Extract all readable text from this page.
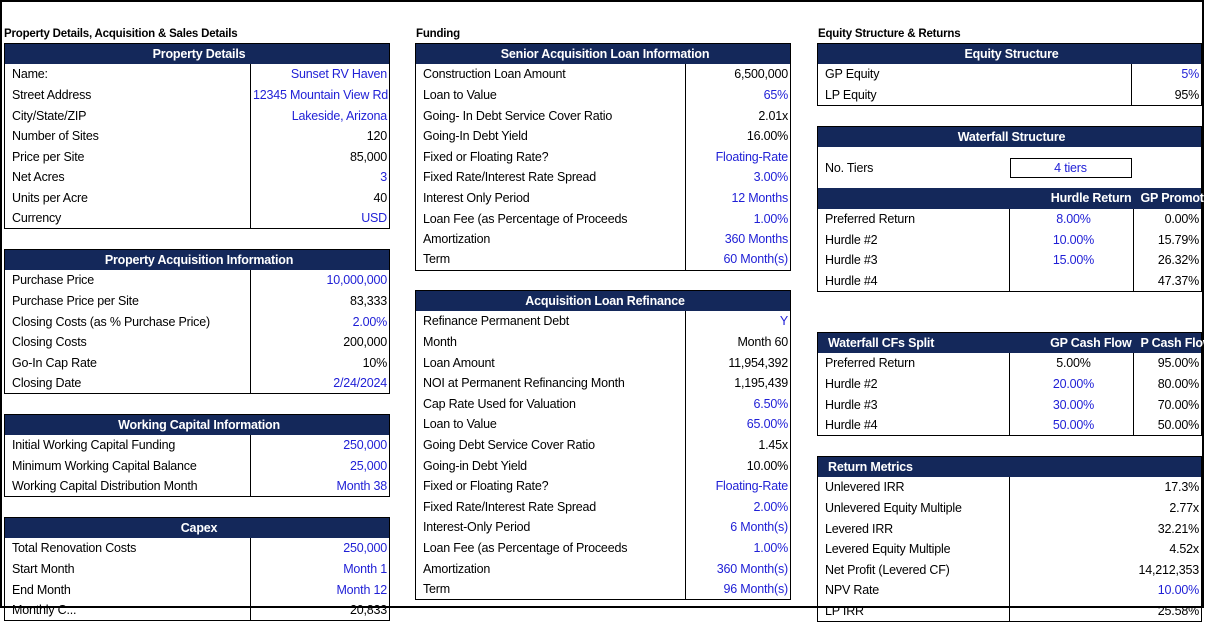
Property Details, Acquisition & Sales Details	Funding	Equity Structure & Returns
Property Details	
Name:	Sunset RV Haven
Street Address	12345 Mountain View Rd
City/State/ZIP	Lakeside, Arizona
Number of Sites	120
Price per Site	85,000
Net Acres	3
Units per Acre	40
Currency	USD
Property Acquisition Information	
Purchase Price	10,000,000
Purchase Price per Site	83,333
Closing Costs (as % Purchase Price)	2.00%
Closing Costs	200,000
Go-In Cap Rate	10%
Closing Date	2/24/2024
Working Capital Information	
Initial Working Capital Funding	250,000
Minimum Working Capital Balance	25,000
Working Capital Distribution Month	Month 38
Capex	
Total Renovation Costs	250,000
Start Month	Month 1
End Month	Month 12
Monthly C...	20,833
Senior Acquisition Loan Information	
Construction Loan Amount	6,500,000
Loan to Value	65%
Going- In Debt Service Cover Ratio	2.01x
Going-In Debt Yield	16.00%
Fixed or Floating Rate?	Floating-Rate
Fixed Rate/Interest Rate Spread	3.00%
Interest Only Period	12 Months
Loan Fee (as Percentage of Proceeds	1.00%
Amortization	360 Months
Term	60 Month(s)
Acquisition Loan Refinance	
Refinance Permanent Debt	Y
Month	Month 60
Loan Amount	11,954,392
NOI at Permanent Refinancing Month	1,195,439
Cap Rate Used for Valuation	6.50%
Loan to Value	65.00%
Going Debt Service Cover Ratio	1.45x
Going-in Debt Yield	10.00%
Fixed or Floating Rate?	Floating-Rate
Fixed Rate/Interest Rate Spread	2.00%
Interest-Only Period	6 Month(s)
Loan Fee (as Percentage of Proceeds	1.00%
Amortization	360 Month(s)
Term	96 Month(s)
Equity Structure	
GP Equity	5%
LP Equity	95%
Waterfall Structure		
No. Tiers	4 tiers	
	Hurdle Return	GP Promote
Preferred Return	8.00%	0.00%
Hurdle #2	10.00%	15.79%
Hurdle #3	15.00%	26.32%
Hurdle #4		47.37%
Waterfall CFs Split	GP Cash Flow	P Cash Flow
Preferred Return	5.00%	95.00%
Hurdle #2	20.00%	80.00%
Hurdle #3	30.00%	70.00%
Hurdle #4	50.00%	50.00%
Return Metrics	
Unlevered IRR	17.3%
Unlevered Equity Multiple	2.77x
Levered IRR	32.21%
Levered Equity Multiple	4.52x
Net Profit (Levered CF)	14,212,353
NPV Rate	10.00%
LP IRR	25.58%
